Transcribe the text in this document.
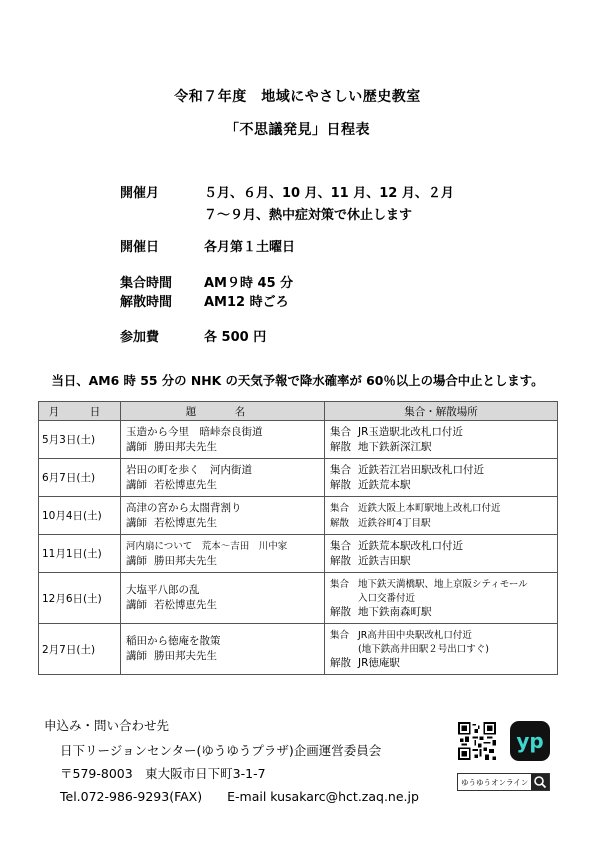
令和７年度　地域にやさしい歴史教室
「不思議発見」日程表
開催月	５月、６月、10 月、11 月、12 月、２月
７～９月、熱中症対策で休止します
開催日	各月第１土曜日
集合時間 AM９時 45 分
解散時間 AM12 時ごろ
参加費	各 500 円
当日、AM6 時 55 分の NHK の天気予報で降水確率が 60％以上の場合中止とします。
月　日	題　名	集合・解散場所
5月3日(土)	玉造から今里　暗峠奈良街道
講師 勝田邦夫先生	集合 JR玉造駅北改札口付近
解散 地下鉄新深江駅

6月7日(土)	岩田の町を歩く　河内街道
講師 若松博恵先生	集合 近鉄若江岩田駅改札口付近
解散 近鉄荒本駅

10月4日(土)	高津の宮から太閤背割り
講師 若松博恵先生	集合 近鉄大阪上本町駅地上改札口付近
解散 近鉄谷町4丁目駅

11月1日(土)	河内扇について　荒本～吉田　川中家
講師 勝田邦夫先生	集合 近鉄荒本駅改札口付近
解散 近鉄吉田駅

12月6日(土)	大塩平八郎の乱
講師 若松博恵先生	集合 地下鉄天満橋駅、地上京阪シティモール
入口交番付近
解散 地下鉄南森町駅

2月7日(土)	稲田から徳庵を散策
講師 勝田邦夫先生	集合 JR高井田中央駅改札口付近
(地下鉄高井田駅２号出口すぐ)
解散 JR徳庵駅
申込み・問い合わせ先
日下リージョンセンター(ゆうゆうプラザ)企画運営委員会
〒579-8003　東大阪市日下町3-1-7
Tel.072-986-9293(FAX)　　E-mail kusakarc@hct.zaq.ne.jp
yp
ゆうゆうオンライン
